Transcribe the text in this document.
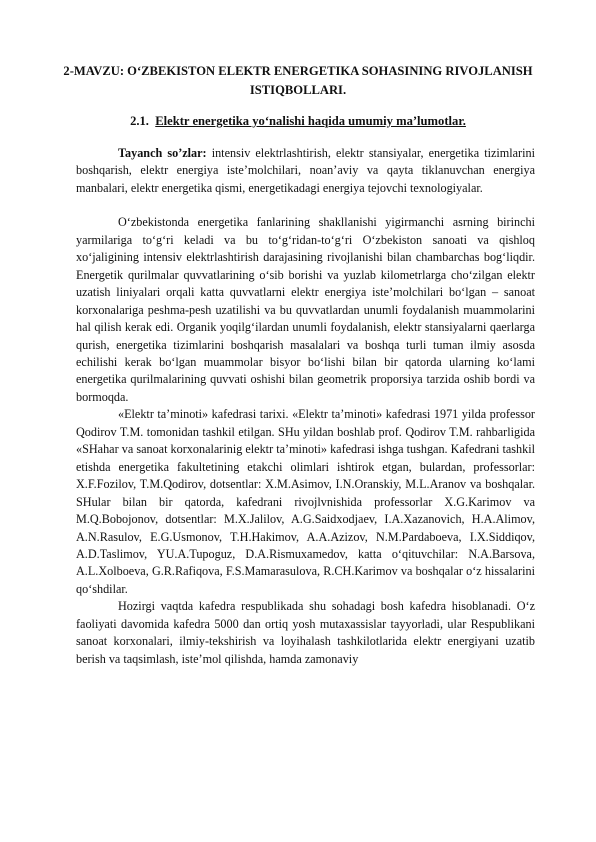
2-MAVZU: O‘ZBEKISTON ELEKTR ENERGETIKA SOHASINING RIVOJLANISH ISTIQBOLLARI.
2.1. Elektr energetika yo‘nalishi haqida umumiy ma’lumotlar.

Tayanch so’zlar: intensiv elektrlashtirish, elektr stansiyalar, energetika tizimlarini boshqarish, elektr energiya iste’molchilari, noan’aviy va qayta tiklanuvchan energiya manbalari, elektr energetika qismi, energetikadagi energiya tejovchi texnologiyalar.

O‘zbekistonda energetika fanlarining shakllanishi yigirmanchi asrning birinchi yarmilariga to‘g‘ri keladi va bu to‘g‘ridan-to‘g‘ri O‘zbekiston sanoati va qishloq xo‘jaligining intensiv elektrlashtirish darajasining rivojlanishi bilan chambarchas bog‘liqdir. Energetik qurilmalar quvvatlarining o‘sib borishi va yuzlab kilometrlarga cho‘zilgan elektr uzatish liniyalari orqali katta quvvatlarni elektr energiya iste’molchilari bo‘lgan – sanoat korxonalariga peshma-pesh uzatilishi va bu quvvatlardan unumli foydalanish muammolarini hal qilish kerak edi. Organik yoqilg‘ilardan unumli foydalanish, elektr stansiyalarni qaerlarga qurish, energetika tizimlarini boshqarish masalalari va boshqa turli tuman ilmiy asosda echilishi kerak bo‘lgan muammolar bisyor bo‘lishi bilan bir qatorda ularning ko‘lami energetika qurilmalarining quvvati oshishi bilan geometrik proporsiya tarzida oshib bordi va bormoqda.

«Elektr ta’minoti» kafedrasi tarixi. «Elektr ta’minoti» kafedrasi 1971 yilda professor Qodirov T.M. tomonidan tashkil etilgan. SHu yildan boshlab prof. Qodirov T.M. rahbarligida «SHahar va sanoat korxonalarinig elektr ta’minoti» kafedrasi ishga tushgan. Kafedrani tashkil etishda energetika fakultetining etakchi olimlari ishtirok etgan, bulardan, professorlar: X.F.Fozilov, T.M.Qodirov, dotsentlar: X.M.Asimov, I.N.Oranskiy, M.L.Aranov va boshqalar. SHular bilan bir qatorda, kafedrani rivojlvnishida professorlar X.G.Karimov va M.Q.Bobojonov, dotsentlar: M.X.Jalilov, A.G.Saidxodjaev, I.A.Xazanovich, H.A.Alimov, A.N.Rasulov, E.G.Usmonov, T.H.Hakimov, A.A.Azizov, N.M.Pardaboeva, I.X.Siddiqov, A.D.Taslimov, YU.A.Tupoguz, D.A.Rismuxamedov, katta o‘qituvchilar: N.A.Barsova, A.L.Xolboeva, G.R.Rafiqova, F.S.Mamarasulova, R.CH.Karimov va boshqalar o‘z hissalarini qo‘shdilar.

Hozirgi vaqtda kafedra respublikada shu sohadagi bosh kafedra hisoblanadi. O‘z faoliyati davomida kafedra 5000 dan ortiq yosh mutaxassislar tayyorladi, ular Respublikani sanoat korxonalari, ilmiy-tekshirish va loyihalash tashkilotlarida elektr energiyani uzatib berish va taqsimlash, iste’mol qilishda, hamda zamonaviy
